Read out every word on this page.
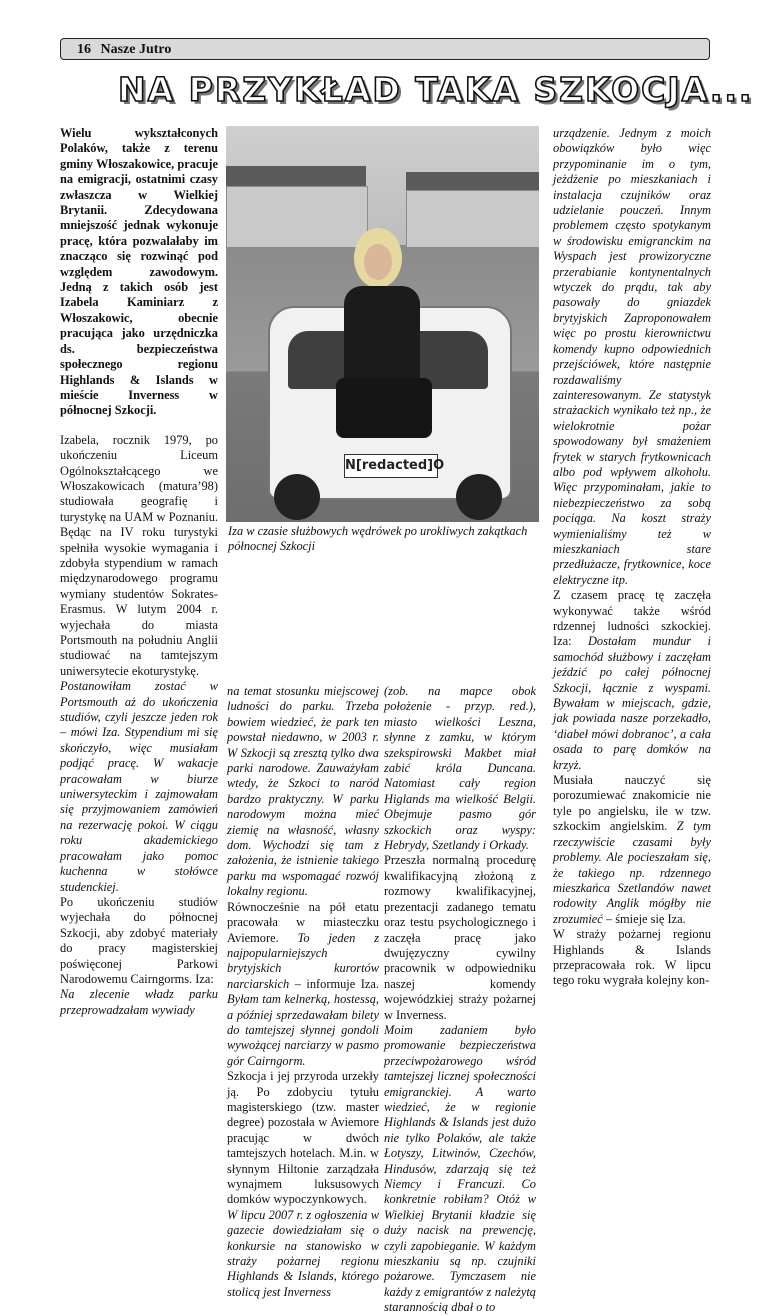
16 Nasze Jutro
NA PRZYKŁAD TAKA SZKOCJA...

Wielu wykształconych Polaków, także z terenu gminy Włoszakowice, pracuje na emigracji, ostatnimi czasy zwłaszcza w Wielkiej Brytanii. Zdecydowana mniejszość jednak wykonuje pracę, która pozwalałaby im znacząco się rozwinąć pod względem zawodowym. Jedną z takich osób jest Izabela Kaminiarz z Włoszakowic, obecnie pracująca jako urzędniczka ds. bezpieczeństwa społecznego regionu Highlands & Islands w mieście Inverness w północnej Szkocji.

Izabela, rocznik 1979, po ukończeniu Liceum Ogólnokształcącego we Włoszakowicach (matura’98) studiowała geografię i turystykę na UAM w Poznaniu. Będąc na IV roku turystyki spełniła wysokie wymagania i zdobyła stypendium w ramach międzynarodowego programu wymiany studentów Sokrates-Erasmus. W lutym 2004 r. wyjechała do miasta Portsmouth na południu Anglii studiować na tamtejszym uniwersytecie ekoturystykę.

Postanowiłam zostać w Portsmouth aż do ukończenia studiów, czyli jeszcze jeden rok – mówi Iza. Stypendium mi się skończyło, więc musiałam podjąć pracę. W wakacje pracowałam w biurze uniwersyteckim i zajmowałam się przyjmowaniem zamówień na rezerwację pokoi. W ciągu roku akademickiego pracowałam jako pomoc kuchenna w stołówce studenckiej.

Po ukończeniu studiów wyjechała do północnej Szkocji, aby zdobyć materiały do pracy magisterskiej poświęconej Parkowi Narodowemu Cairngorms. Iza:

Na zlecenie władz parku przeprowadzałam wywiady

N[redacted]O
Iza w czasie służbowych wędrówek po urokliwych zakątkach północnej Szkocji

na temat stosunku miejscowej ludności do parku. Trzeba bowiem wiedzieć, że park ten powstał niedawno, w 2003 r. W Szkocji są zresztą tylko dwa parki narodowe. Zauważyłam wtedy, że Szkoci to naród bardzo praktyczny. W parku narodowym można mieć ziemię na własność, własny dom. Wychodzi się tam z założenia, że istnienie takiego parku ma wspomagać rozwój lokalny regionu.

Równocześnie na pół etatu pracowała w miasteczku Aviemore. To jeden z najpopularniejszych brytyjskich kurortów narciarskich – informuje Iza. Byłam tam kelnerką, hostessą, a później sprzedawałam bilety do tamtejszej słynnej gondoli wywożącej narciarzy w pasmo gór Cairngorm.

Szkocja i jej przyroda urzekły ją. Po zdobyciu tytułu magisterskiego (tzw. master degree) pozostała w Aviemore pracując w dwóch tamtejszych hotelach. M.in. w słynnym Hiltonie zarządzała wynajmem luksusowych domków wypoczynkowych.

W lipcu 2007 r. z ogłoszenia w gazecie dowiedziałam się o konkursie na stanowisko w straży pożarnej regionu Highlands & Islands, którego stolicą jest Inverness

(zob. na mapce obok położenie - przyp. red.), miasto wielkości Leszna, słynne z zamku, w którym szekspirowski Makbet miał zabić króla Duncana. Natomiast cały region Higlands ma wielkość Belgii. Obejmuje pasmo gór szkockich oraz wyspy: Hebrydy, Szetlandy i Orkady.

Przeszła normalną procedurę kwalifikacyjną złożoną z rozmowy kwalifikacyjnej, prezentacji zadanego tematu oraz testu psychologicznego i zaczęła pracę jako dwujęzyczny cywilny pracownik w odpowiedniku naszej komendy wojewódzkiej straży pożarnej w Inverness.

Moim zadaniem było promowanie bezpieczeństwa przeciwpożarowego wśród tamtejszej licznej społeczności emigranckiej. A warto wiedzieć, że w regionie Highlands & Islands jest dużo nie tylko Polaków, ale także Łotyszy, Litwinów, Czechów, Hindusów, zdarzają się też Niemcy i Francuzi. Co konkretnie robiłam? Otóż w Wielkiej Brytanii kładzie się duży nacisk na prewencję, czyli zapobieganie. W każdym mieszkaniu są np. czujniki pożarowe. Tymczasem nie każdy z emigrantów z należytą starannością dbał o to

urządzenie. Jednym z moich obowiązków było więc przypominanie im o tym, jeżdżenie po mieszkaniach i instalacja czujników oraz udzielanie pouczeń. Innym problemem często spotykanym w środowisku emigranckim na Wyspach jest prowizoryczne przerabianie kontynentalnych wtyczek do prądu, tak aby pasowały do gniazdek brytyjskich Zaproponowałem więc po prostu kierownictwu komendy kupno odpowiednich przejściówek, które następnie rozdawaliśmy zainteresowanym. Ze statystyk strażackich wynikało też np., że wielokrotnie pożar spowodowany był smażeniem frytek w starych frytkownicach albo pod wpływem alkoholu. Więc przypominałam, jakie to niebezpieczeństwo za sobą pociąga. Na koszt straży wymienialiśmy też w mieszkaniach stare przedłużacze, frytkownice, koce elektryczne itp.

Z czasem pracę tę zaczęła wykonywać także wśród rdzennej ludności szkockiej. Iza: Dostałam mundur i samochód służbowy i zaczęłam jeździć po całej północnej Szkocji, łącznie z wyspami. Bywałam w miejscach, gdzie, jak powiada nasze porzekadło, ‘diabeł mówi dobranoc’, a cała osada to parę domków na krzyż.

Musiała nauczyć się porozumiewać znakomicie nie tyle po angielsku, ile w tzw. szkockim angielskim. Z tym rzeczywiście czasami były problemy. Ale pocieszałam się, że takiego np. rdzennego mieszkańca Szetlandów nawet rodowity Anglik mógłby nie zrozumieć – śmieje się Iza.

W straży pożarnej regionu Highlands & Islands przepracowała rok. W lipcu tego roku wygrała kolejny kon-
